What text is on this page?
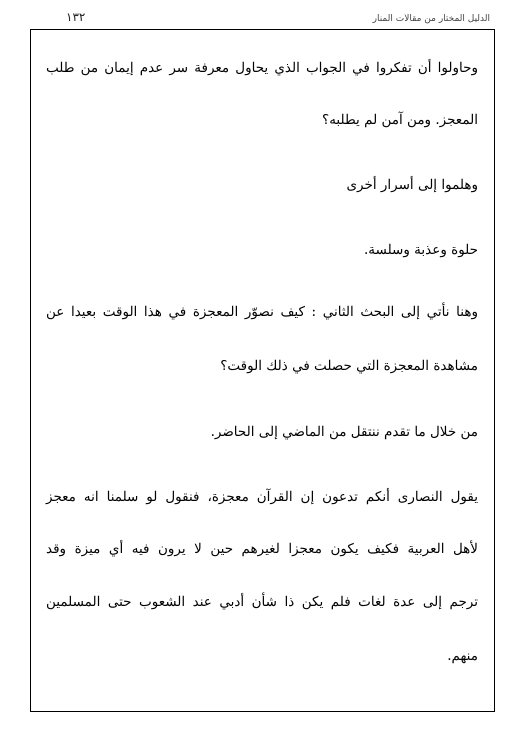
الدليل المختار من مقالات المنار
١٣٢
وحاولوا أن تفكروا في الجواب الذي يحاول معرفة سر عدم إيمان من طلب
المعجز. ومن آمن لم يطلبه؟
وهلموا إلى أسرار أخرى
حلوة وعذبة وسلسة.
وهنا نأتي إلى البحث الثاني : كيف نصوّر المعجزة في هذا الوقت بعيدا عن
مشاهدة المعجزة التي حصلت في ذلك الوقت؟
من خلال ما تقدم ننتقل من الماضي إلى الحاضر.
يقول النصارى أنكم تدعون إن القرآن معجزة، فنقول لو سلمنا انه معجز
لأهل العربية فكيف يكون معجزا لغيرهم حين لا يرون فيه أي ميزة وقد
ترجم إلى عدة لغات فلم يكن ذا شأن أدبي عند الشعوب حتى المسلمين
منهم.
